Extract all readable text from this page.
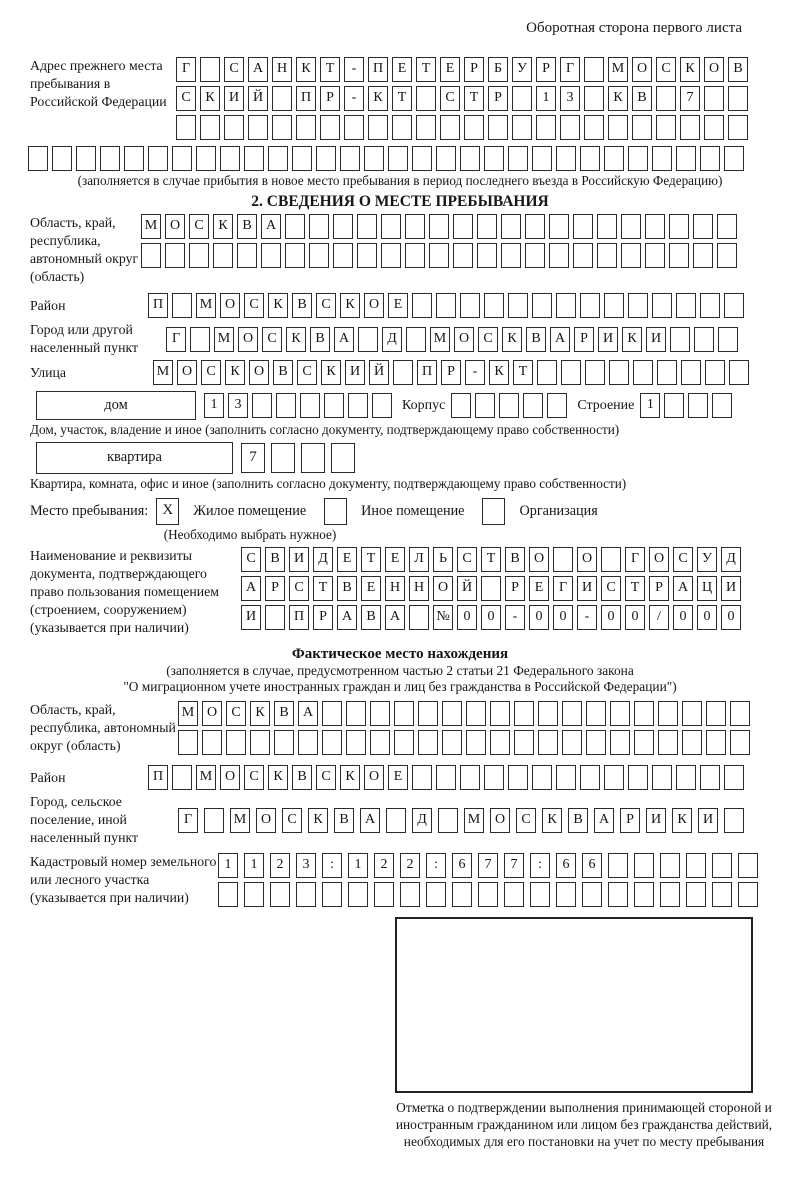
Оборотная сторона первого листа
Адрес прежнего места пребывания в Российской Федерации
Г	С А Н К Т - П Е Т Е Р Б У Р Г	М О С К О В
С К И Й	П Р - К Т	С Т Р	1 3	К В	7
(заполняется в случае прибытия в новое место пребывания в период последнего въезда в Российскую Федерацию)
2. СВЕДЕНИЯ О МЕСТЕ ПРЕБЫВАНИЯ
Область, край, республика, автономный округ (область)
М О С К В А
Район	П	М О С К В С К О Е
Город или другой населенный пункт
Г	М О С К В А	Д	М О С К В А Р И К И
Улица	М О С К О В С К И Й	П Р - К Т
дом	1 3	Корпус	Строение 1
Дом, участок, владение и иное (заполнить согласно документу, подтверждающему право собственности)
квартира	7
Квартира, комната, офис и иное (заполнить согласно документу, подтверждающему право собственности)
Место пребывания: X	Жилое помещение	Иное помещение	Организация
(Необходимо выбрать нужное)
Наименование и реквизиты документа, подтверждающего право пользования помещением (строением, сооружением) (указывается при наличии)
С В И Д Е Т Е Л Ь С Т В О	О	Г О С У Д
А Р С Т В Е Н Н О Й	Р Е Г И С Т Р А Ц И
И	П Р А В А	№ 0 0 - 0 0 - 0 0 / 0 0 0
Фактическое место нахождения
(заполняется в случае, предусмотренном частью 2 статьи 21 Федерального закона
"О миграционном учете иностранных граждан и лиц без гражданства в Российской Федерации")
Область, край, республика, автономный округ (область)
М О С К В А
Район	П	М О С К В С К О Е
Город, сельское поселение, иной населенный пункт
Г	М О С К В А	Д	М О С К В А Р И К И
Кадастровый номер земельного или лесного участка (указывается при наличии)
1 1 2 3 : 1 2 2 : 6 7 7 : 6 6
Отметка о подтверждении выполнения принимающей стороной и иностранным гражданином или лицом без гражданства действий, необходимых для его постановки на учет по месту пребывания
